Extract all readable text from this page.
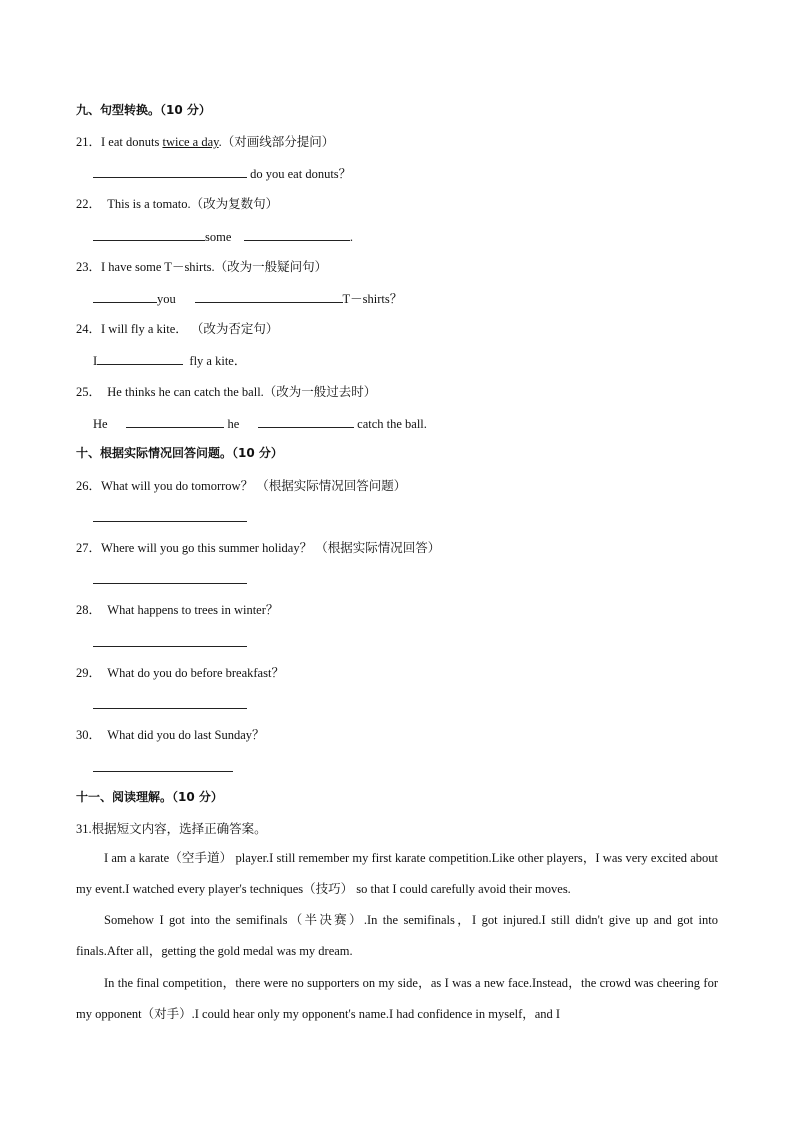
九、句型转换。（10 分）
21．I eat donuts twice a day.（对画线部分提问）
do you eat donuts？
22． This is a tomato.（改为复数句）
some	.
23．I have some T－shirts.（改为一般疑问句）
you	T－shirts？
24．I will fly a kite． （改为否定句）
I	fly a kite．
25． He thinks he can catch the ball.（改为一般过去时）
He	he	catch the ball.
十、根据实际情况回答问题。（10 分）
26．What will you do tomorrow？ （根据实际情况回答问题）
27．Where will you go this summer holiday？ （根据实际情况回答）
28． What happens to trees in winter？
29． What do you do before breakfast？
30． What did you do last Sunday？
十一、阅读理解。（10 分）
31.根据短文内容，选择正确答案。
I am a karate（空手道） player.I still remember my first karate competition.Like other players，I was very excited about my event.I watched every player's techniques（技巧） so that I could carefully avoid their moves.
Somehow I got into the semifinals（半决赛）.In the semifinals，I got injured.I still didn't give up and got into finals.After all，getting the gold medal was my dream.
In the final competition，there were no supporters on my side，as I was a new face.Instead，the crowd was cheering for my opponent（对手）.I could hear only my opponent's name.I had confidence in myself，and I
